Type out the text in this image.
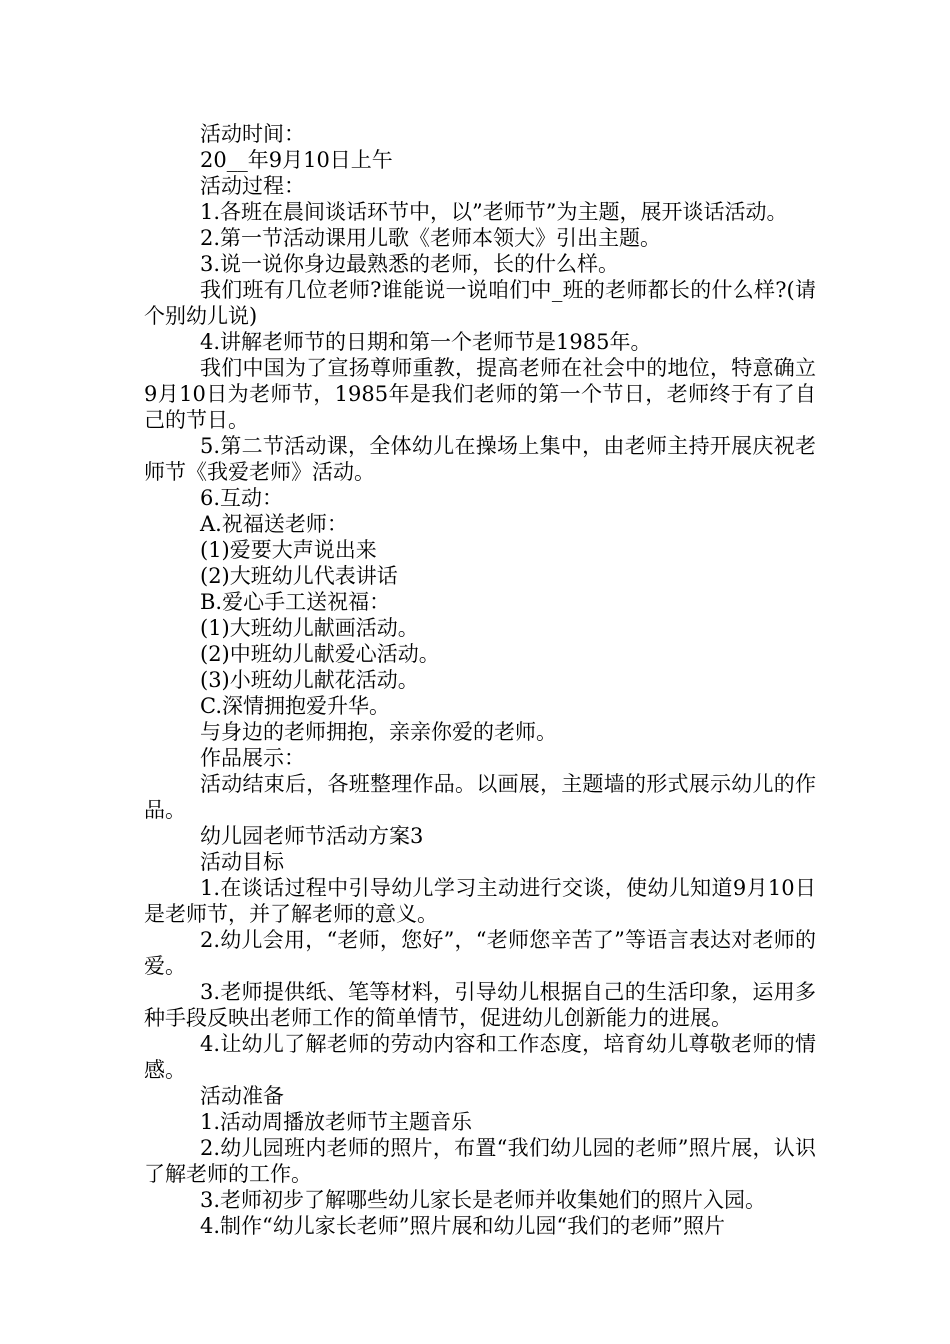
活动时间：

20__年9月10日上午

活动过程：

1.各班在晨间谈话环节中，以”老师节”为主题，展开谈话活动。

2.第一节活动课用儿歌《老师本领大》引出主题。

3.说一说你身边最熟悉的老师，长的什么样。

我们班有几位老师?谁能说一说咱们中_班的老师都长的什么样?(请个别幼儿说)

4.讲解老师节的日期和第一个老师节是1985年。

我们中国为了宣扬尊师重教，提高老师在社会中的地位，特意确立9月10日为老师节，1985年是我们老师的第一个节日，老师终于有了自己的节日。

5.第二节活动课，全体幼儿在操场上集中，由老师主持开展庆祝老师节《我爱老师》活动。

6.互动：

A.祝福送老师：

(1)爱要大声说出来

(2)大班幼儿代表讲话

B.爱心手工送祝福：

(1)大班幼儿献画活动。

(2)中班幼儿献爱心活动。

(3)小班幼儿献花活动。

C.深情拥抱爱升华。

与身边的老师拥抱，亲亲你爱的老师。

作品展示：

活动结束后，各班整理作品。以画展，主题墙的形式展示幼儿的作品。

幼儿园老师节活动方案3

活动目标

1.在谈话过程中引导幼儿学习主动进行交谈，使幼儿知道9月10日是老师节，并了解老师的意义。

2.幼儿会用，“老师，您好”，“老师您辛苦了”等语言表达对老师的爱。

3.老师提供纸、笔等材料，引导幼儿根据自己的生活印象，运用多种手段反映出老师工作的简单情节，促进幼儿创新能力的进展。

4.让幼儿了解老师的劳动内容和工作态度，培育幼儿尊敬老师的情感。

活动准备

1.活动周播放老师节主题音乐

2.幼儿园班内老师的照片，布置“我们幼儿园的老师”照片展，认识了解老师的工作。

3.老师初步了解哪些幼儿家长是老师并收集她们的照片入园。

4.制作“幼儿家长老师”照片展和幼儿园“我们的老师”照片
